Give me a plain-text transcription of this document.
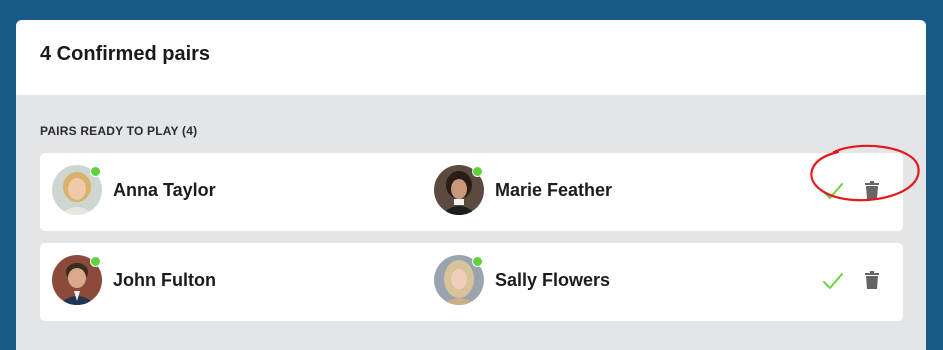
4 Confirmed pairs
PAIRS READY TO PLAY (4)
Anna Taylor	Marie Feather
John Fulton	Sally Flowers
